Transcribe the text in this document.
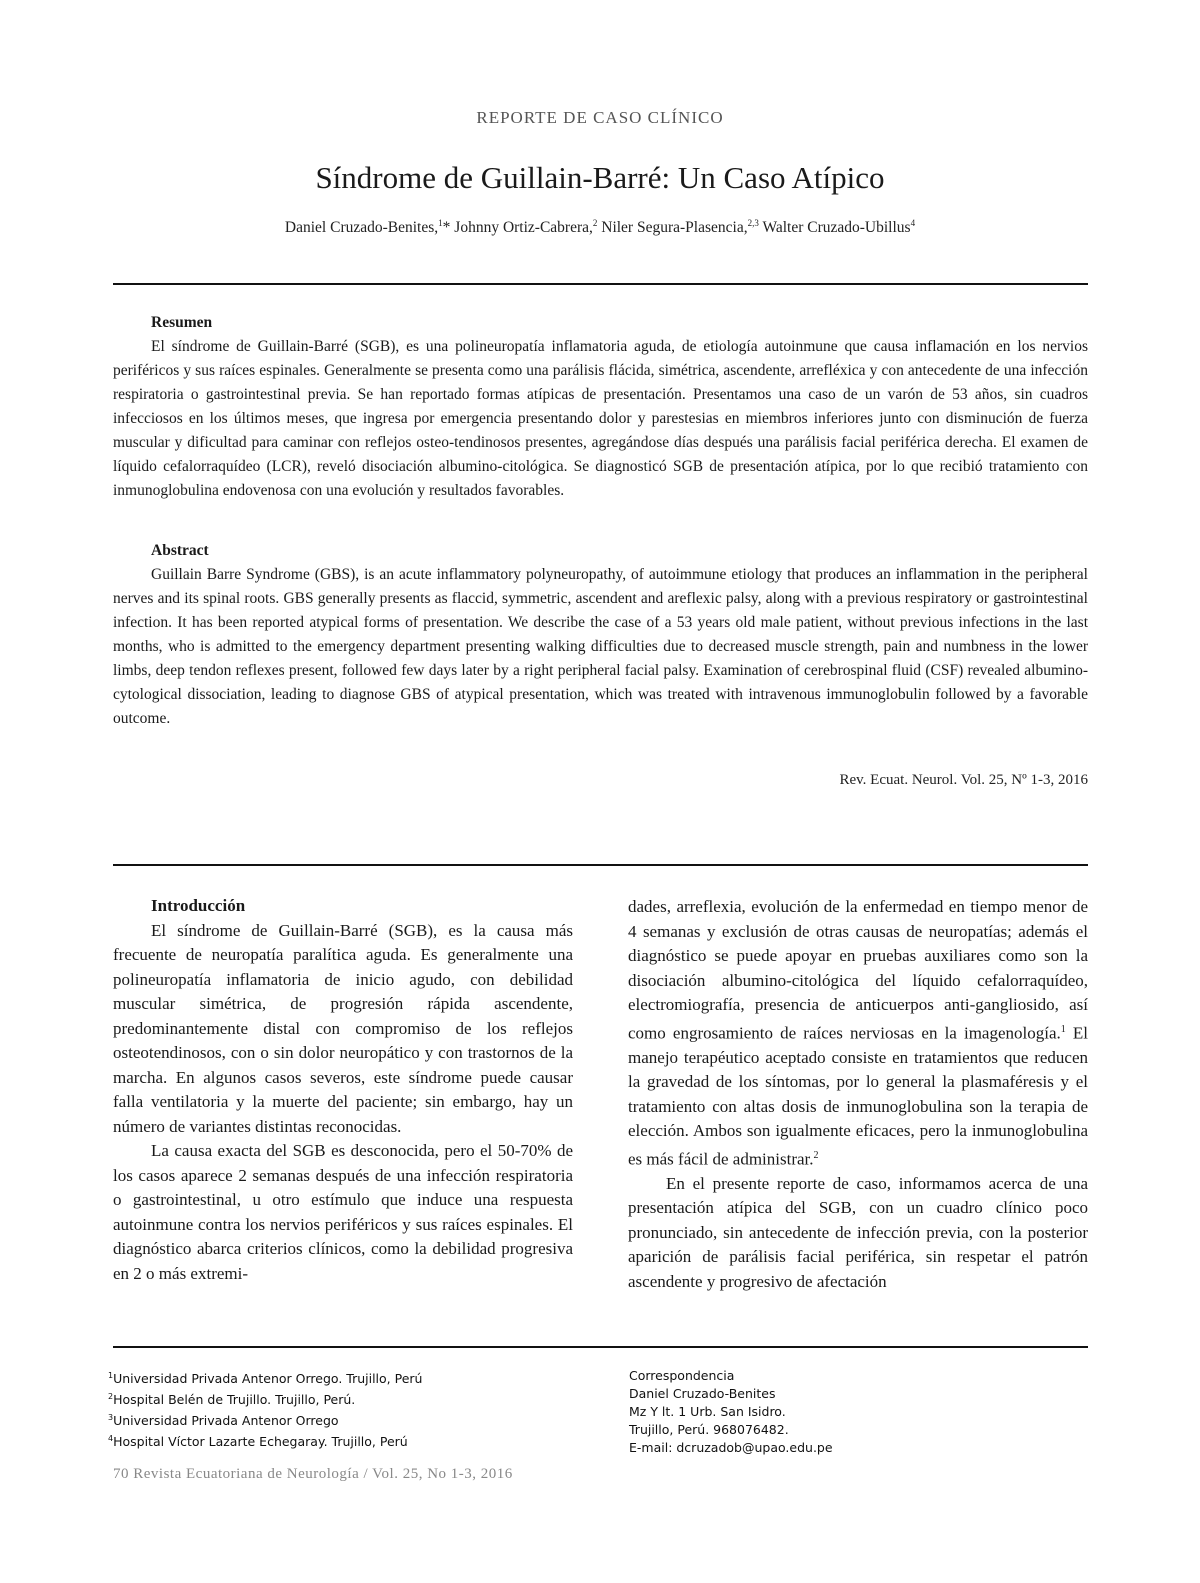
REPORTE DE CASO CLÍNICO
Síndrome de Guillain-Barré: Un Caso Atípico
Daniel Cruzado-Benites,$^1$* Johnny Ortiz-Cabrera,$^2$ Niler Segura-Plasencia,$^{2,3}$ Walter Cruzado-Ubillus$^4$
Resumen

El síndrome de Guillain-Barré (SGB), es una polineuropatía inflamatoria aguda, de etiología autoinmune que causa inflamación en los nervios periféricos y sus raíces espinales. Generalmente se presenta como una parálisis flácida, simétrica, ascendente, arrefléxica y con antecedente de una infección respiratoria o gastrointestinal previa. Se han reportado formas atípicas de presentación. Presentamos una caso de un varón de 53 años, sin cuadros infecciosos en los últimos meses, que ingresa por emergencia presentando dolor y parestesias en miembros inferiores junto con disminución de fuerza muscular y dificultad para caminar con reflejos osteo-tendinosos presentes, agregándose días después una parálisis facial periférica derecha. El examen de líquido cefalorraquídeo (LCR), reveló disociación albumino-citológica. Se diagnosticó SGB de presentación atípica, por lo que recibió tratamiento con inmunoglobulina endovenosa con una evolución y resultados favorables.

Abstract

Guillain Barre Syndrome (GBS), is an acute inflammatory polyneuropathy, of autoimmune etiology that produces an inflammation in the peripheral nerves and its spinal roots. GBS generally presents as flaccid, symmetric, ascendent and areflexic palsy, along with a previous respiratory or gastrointestinal infection. It has been reported atypical forms of presentation. We describe the case of a 53 years old male patient, without previous infections in the last months, who is admitted to the emergency department presenting walking difficulties due to decreased muscle strength, pain and numbness in the lower limbs, deep tendon reflexes present, followed few days later by a right peripheral facial palsy. Examination of cerebrospinal fluid (CSF) revealed albumino-cytological dissociation, leading to diagnose GBS of atypical presentation, which was treated with intravenous immunoglobulin followed by a favorable outcome.

Rev. Ecuat. Neurol. Vol. 25, Nº 1-3, 2016
Introducción

El síndrome de Guillain-Barré (SGB), es la causa más frecuente de neuropatía paralítica aguda. Es generalmente una polineuropatía inflamatoria de inicio agudo, con debilidad muscular simétrica, de progresión rápida ascendente, predominantemente distal con compromiso de los reflejos osteotendinosos, con o sin dolor neuropático y con trastornos de la marcha. En algunos casos severos, este síndrome puede causar falla ventilatoria y la muerte del paciente; sin embargo, hay un número de variantes distintas reconocidas.

La causa exacta del SGB es desconocida, pero el 50-70% de los casos aparece 2 semanas después de una infección respiratoria o gastrointestinal, u otro estímulo que induce una respuesta autoinmune contra los nervios periféricos y sus raíces espinales. El diagnóstico abarca criterios clínicos, como la debilidad progresiva en 2 o más extremi-

dades, arreflexia, evolución de la enfermedad en tiempo menor de 4 semanas y exclusión de otras causas de neuropatías; además el diagnóstico se puede apoyar en pruebas auxiliares como son la disociación albumino-citológica del líquido cefalorraquídeo, electromiografía, presencia de anticuerpos anti-gangliosido, así como engrosamiento de raíces nerviosas en la imagenología.$^1$ El manejo terapéutico aceptado consiste en tratamientos que reducen la gravedad de los síntomas, por lo general la plasmaféresis y el tratamiento con altas dosis de inmunoglobulina son la terapia de elección. Ambos son igualmente eficaces, pero la inmunoglobulina es más fácil de administrar.$^2$

En el presente reporte de caso, informamos acerca de una presentación atípica del SGB, con un cuadro clínico poco pronunciado, sin antecedente de infección previa, con la posterior aparición de parálisis facial periférica, sin respetar el patrón ascendente y progresivo de afectación

$^1$Universidad Privada Antenor Orrego. Trujillo, Perú
$^2$Hospital Belén de Trujillo. Trujillo, Perú.
$^3$Universidad Privada Antenor Orrego
$^4$Hospital Víctor Lazarte Echegaray. Trujillo, Perú
Correspondencia
Daniel Cruzado-Benites
Mz Y lt. 1 Urb. San Isidro.
Trujillo, Perú. 968076482.
E-mail: dcruzadob@upao.edu.pe
70 Revista Ecuatoriana de Neurología / Vol. 25, No 1-3, 2016
